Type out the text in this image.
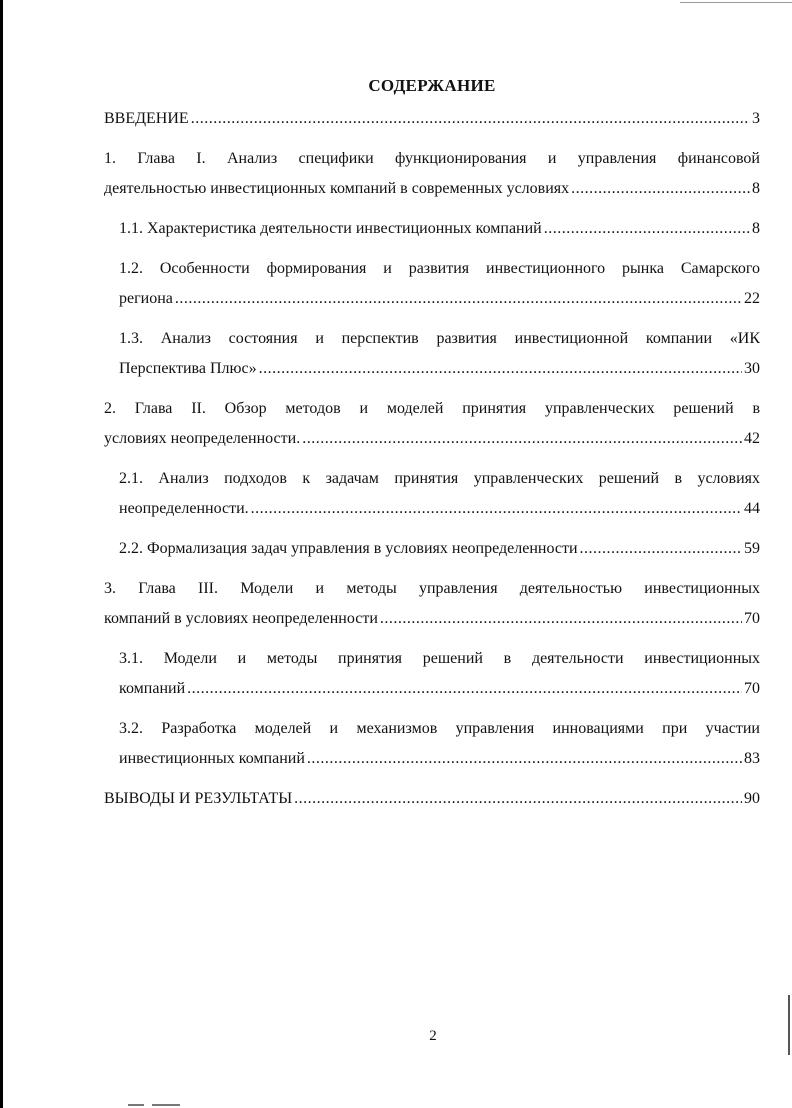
СОДЕРЖАНИЕ
ВВЕДЕНИЕ .....	3
1. Глава I. Анализ специфики функционирования и управления финансовой
деятельностью инвестиционных компаний в современных условиях .....	8
1.1. Характеристика деятельности инвестиционных компаний .....	8
1.2. Особенности формирования и развития инвестиционного рынка Самарского
региона .....	22
1.3. Анализ состояния и перспектив развития инвестиционной компании «ИК
Перспектива Плюс» .....	30
2. Глава II. Обзор методов и моделей принятия управленческих решений в
условиях неопределенности. .....	42
2.1. Анализ подходов к задачам принятия управленческих решений в условиях
неопределенности. .....	44
2.2. Формализация задач управления в условиях неопределенности .....	59
3. Глава III. Модели и методы управления деятельностью инвестиционных
компаний в условиях неопределенности .....	70
3.1. Модели и методы принятия решений в деятельности инвестиционных
компаний .....	70
3.2. Разработка моделей и механизмов управления инновациями при участии
инвестиционных компаний .....	83
ВЫВОДЫ И РЕЗУЛЬТАТЫ .....	90
2
